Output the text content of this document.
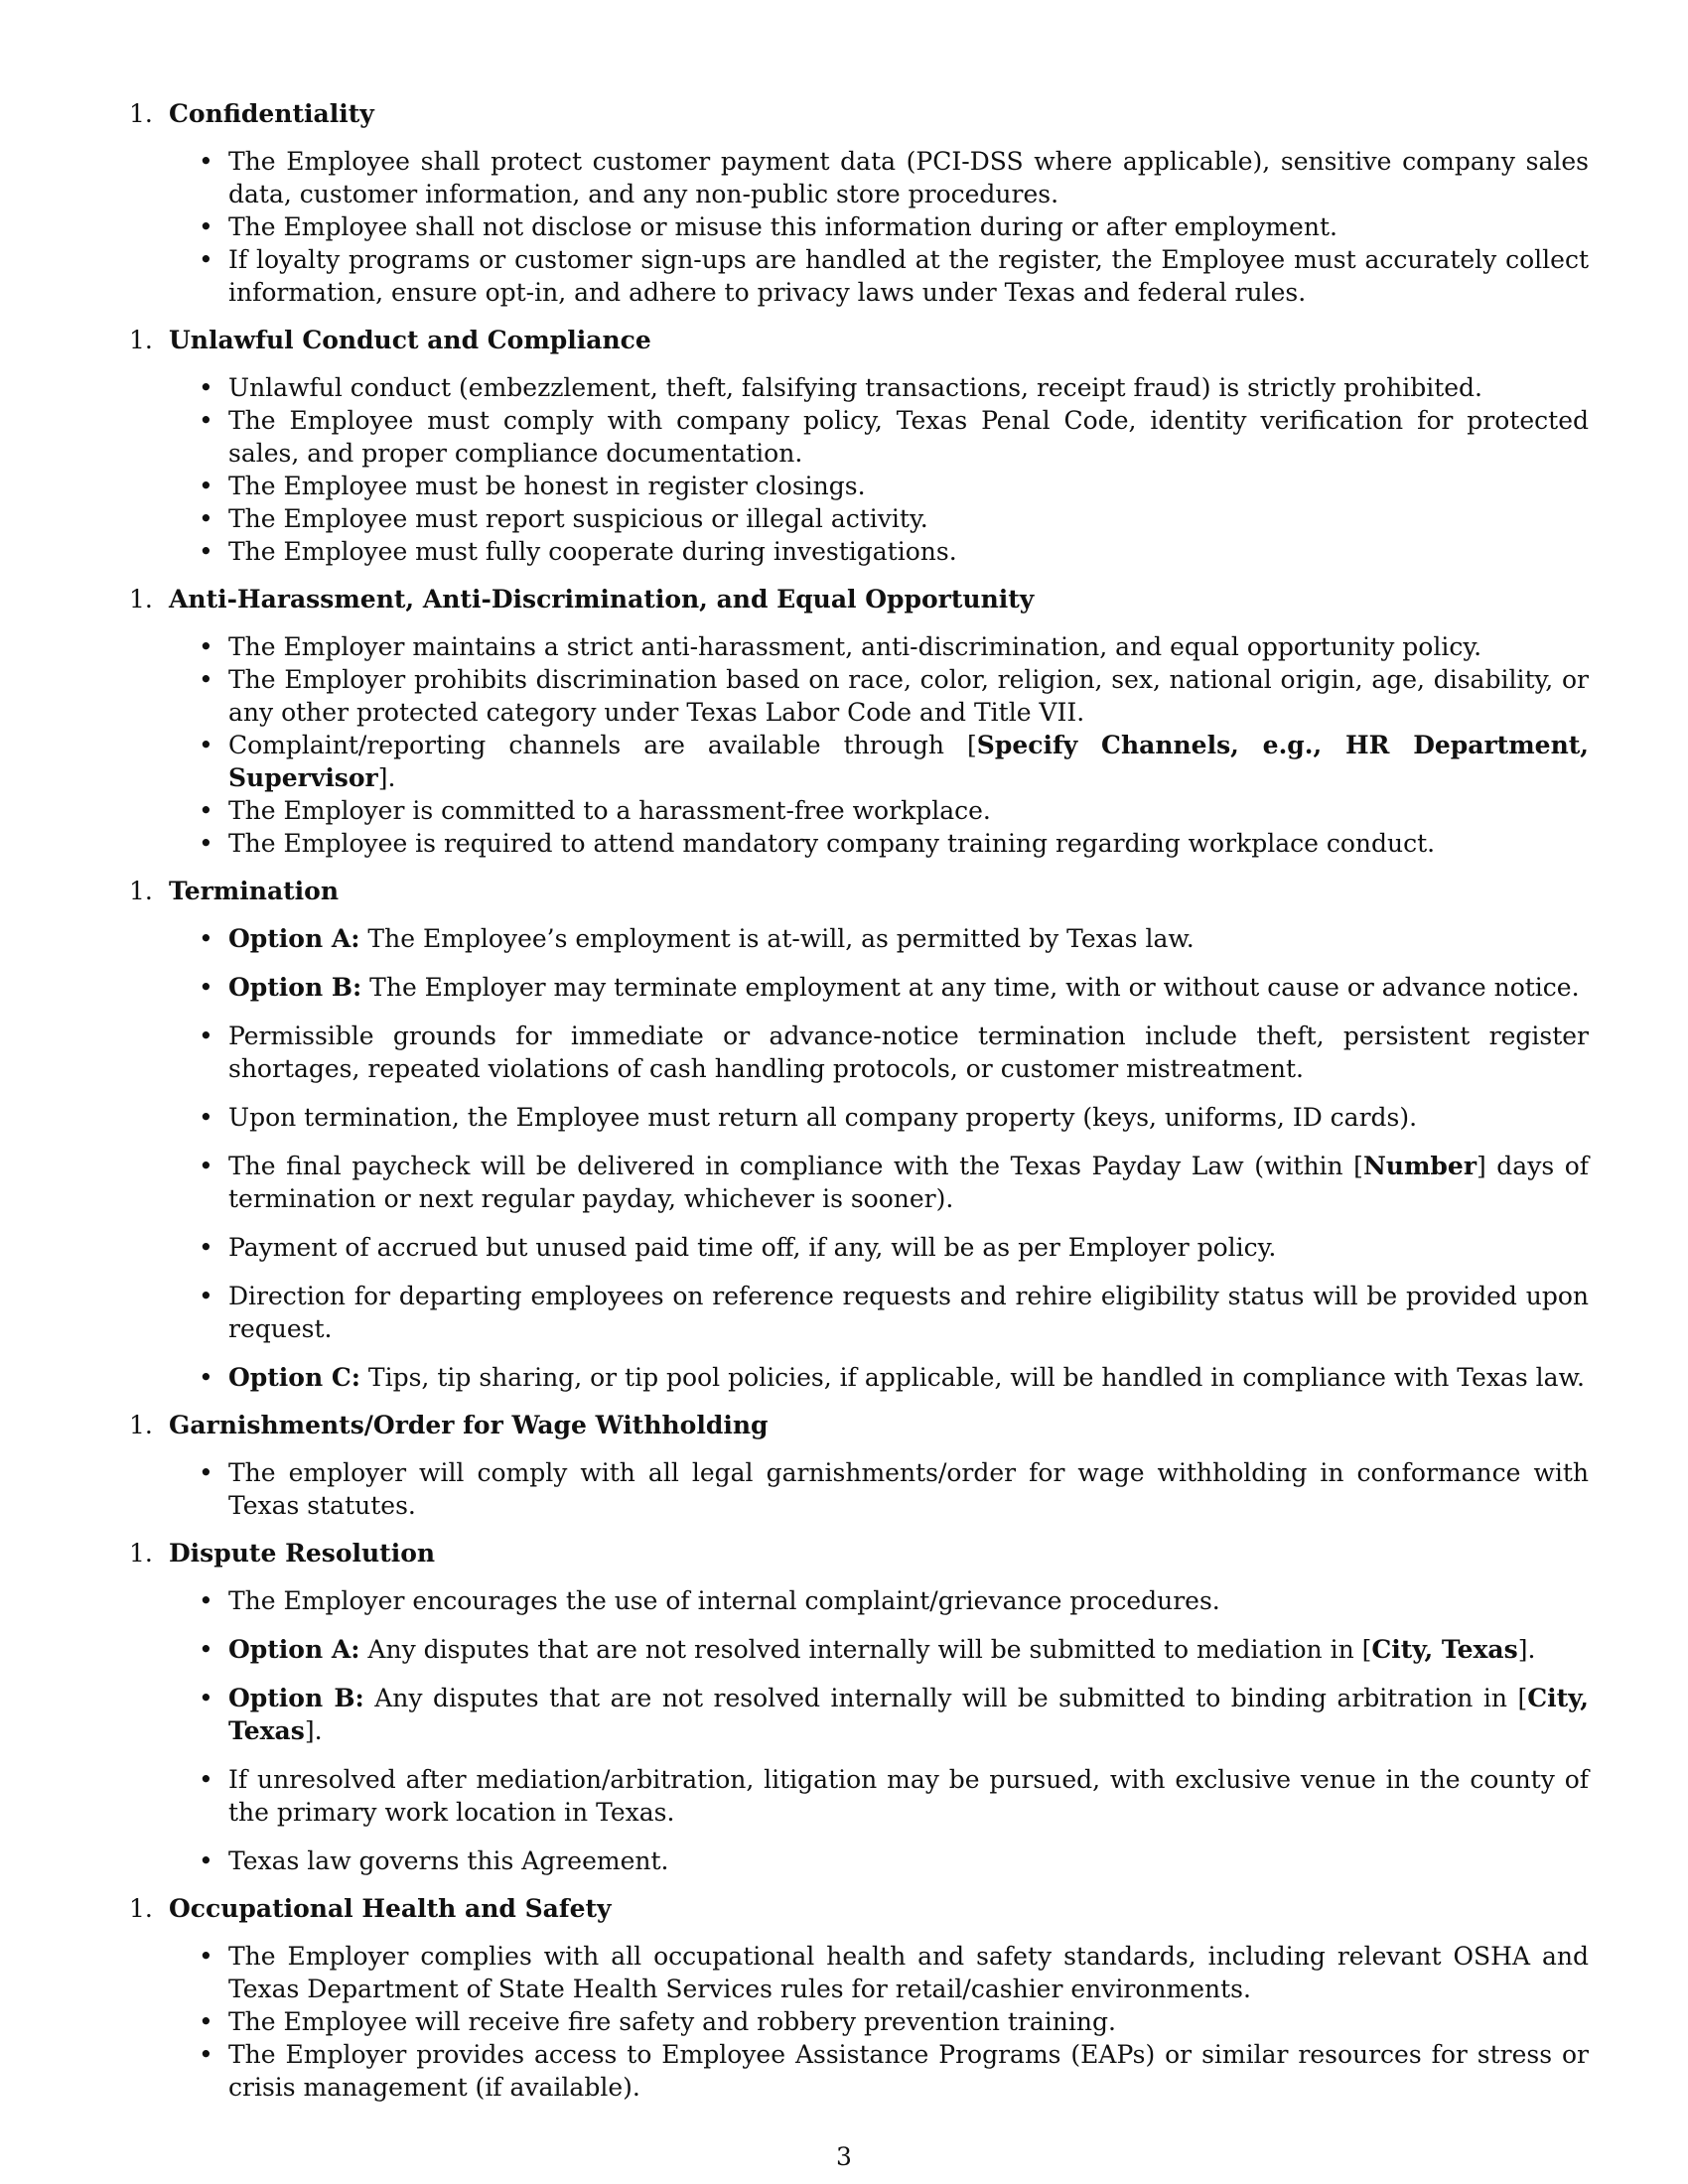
1. Confidentiality
• The Employee shall protect customer payment data (PCI-DSS where applicable), sensitive company sales data, customer information, and any non-public store procedures.
• The Employee shall not disclose or misuse this information during or after employment.
• If loyalty programs or customer sign-ups are handled at the register, the Employee must accurately collect information, ensure opt-in, and adhere to privacy laws under Texas and federal rules.
1. Unlawful Conduct and Compliance
• Unlawful conduct (embezzlement, theft, falsifying transactions, receipt fraud) is strictly prohibited.
• The Employee must comply with company policy, Texas Penal Code, identity verification for protected sales, and proper compliance documentation.
• The Employee must be honest in register closings.
• The Employee must report suspicious or illegal activity.
• The Employee must fully cooperate during investigations.
1. Anti-Harassment, Anti-Discrimination, and Equal Opportunity
• The Employer maintains a strict anti-harassment, anti-discrimination, and equal opportunity policy.
• The Employer prohibits discrimination based on race, color, religion, sex, national origin, age, disability, or any other protected category under Texas Labor Code and Title VII.
• Complaint/reporting channels are available through [Specify Channels, e.g., HR Department, Supervisor].
• The Employer is committed to a harassment-free workplace.
• The Employee is required to attend mandatory company training regarding workplace conduct.
1. Termination
• Option A: The Employee’s employment is at-will, as permitted by Texas law.
• Option B: The Employer may terminate employment at any time, with or without cause or advance notice.
• Permissible grounds for immediate or advance-notice termination include theft, persistent register shortages, repeated violations of cash handling protocols, or customer mistreatment.
• Upon termination, the Employee must return all company property (keys, uniforms, ID cards).
• The final paycheck will be delivered in compliance with the Texas Payday Law (within [Number] days of termination or next regular payday, whichever is sooner).
• Payment of accrued but unused paid time off, if any, will be as per Employer policy.
• Direction for departing employees on reference requests and rehire eligibility status will be provided upon request.
• Option C: Tips, tip sharing, or tip pool policies, if applicable, will be handled in compliance with Texas law.
1. Garnishments/Order for Wage Withholding
• The employer will comply with all legal garnishments/order for wage withholding in conformance with Texas statutes.
1. Dispute Resolution
• The Employer encourages the use of internal complaint/grievance procedures.
• Option A: Any disputes that are not resolved internally will be submitted to mediation in [City, Texas].
• Option B: Any disputes that are not resolved internally will be submitted to binding arbitration in [City, Texas].
• If unresolved after mediation/arbitration, litigation may be pursued, with exclusive venue in the county of the primary work location in Texas.
• Texas law governs this Agreement.
1. Occupational Health and Safety
• The Employer complies with all occupational health and safety standards, including relevant OSHA and Texas Department of State Health Services rules for retail/cashier environments.
• The Employee will receive fire safety and robbery prevention training.
• The Employer provides access to Employee Assistance Programs (EAPs) or similar resources for stress or crisis management (if available).
3
